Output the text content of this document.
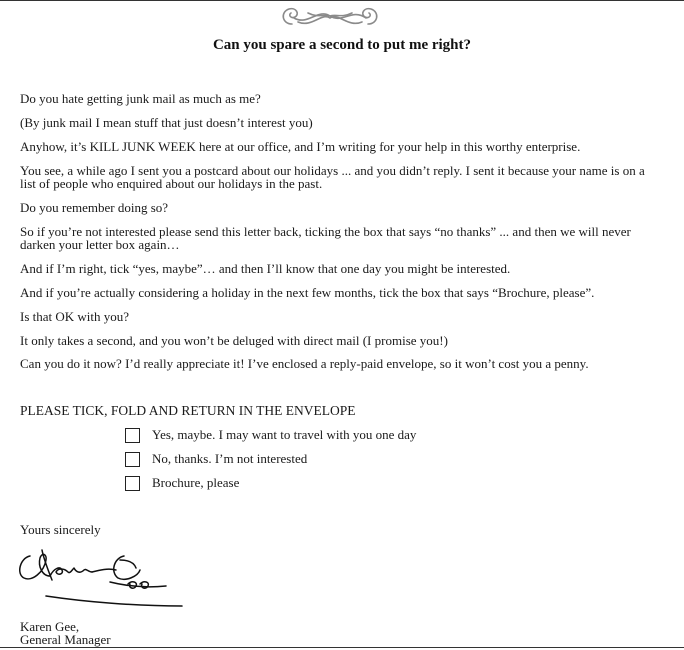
Can you spare a second to put me right?

Do you hate getting junk mail as much as me?

(By junk mail I mean stuff that just doesn’t interest you)

Anyhow, it’s KILL JUNK WEEK here at our office, and I’m writing for your help in this worthy enterprise.

You see, a while ago I sent you a postcard about our holidays ... and you didn’t reply. I sent it because your name is on a list of people who enquired about our holidays in the past.

Do you remember doing so?

So if you’re not interested please send this letter back, ticking the box that says “no thanks” ... and then we will never darken your letter box again…

And if I’m right, tick “yes, maybe”… and then I’ll know that one day you might be interested.

And if you’re actually considering a holiday in the next few months, tick the box that says “Brochure, please”.

Is that OK with you?

It only takes a second, and you won’t be deluged with direct mail (I promise you!)

Can you do it now? I’d really appreciate it! I’ve enclosed a reply-paid envelope, so it won’t cost you a penny.

PLEASE TICK, FOLD AND RETURN IN THE ENVELOPE
Yes, maybe. I may want to travel with you one day
No, thanks. I’m not interested
Brochure, please
Yours sincerely
Karen Gee,
General Manager
